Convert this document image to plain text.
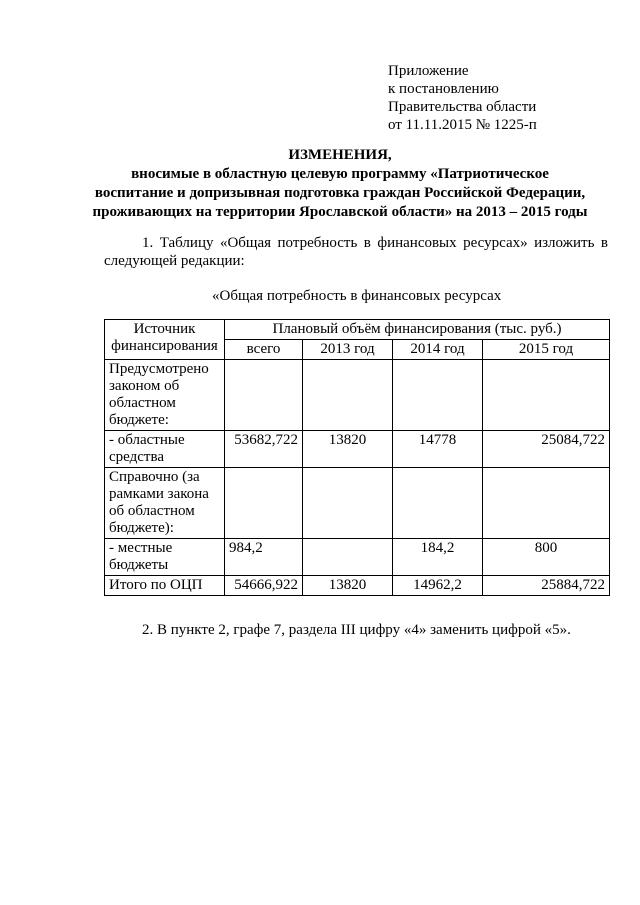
Приложение
к постановлению
Правительства области
от 11.11.2015 № 1225-п
ИЗМЕНЕНИЯ,
вносимые в областную целевую программу «Патриотическое
воспитание и допризывная подготовка граждан Российской Федерации,
проживающих на территории Ярославской области» на 2013 – 2015 годы
1. Таблицу «Общая потребность в финансовых ресурсах» изложить в следующей редакции:
«Общая потребность в финансовых ресурсах
Источник финансирования	Плановый объём финансирования (тыс. руб.)			
	всего	2013 год	2014 год	2015 год
Предусмотрено законом об областном бюджете:				
- областные средства	53682,722	13820	14778	25084,722
Справочно (за рамками закона об областном бюджете):				
- местные бюджеты	984,2		184,2	800
Итого по ОЦП	54666,922	13820	14962,2	25884,722
2. В пункте 2, графе 7, раздела III цифру «4» заменить цифрой «5».
